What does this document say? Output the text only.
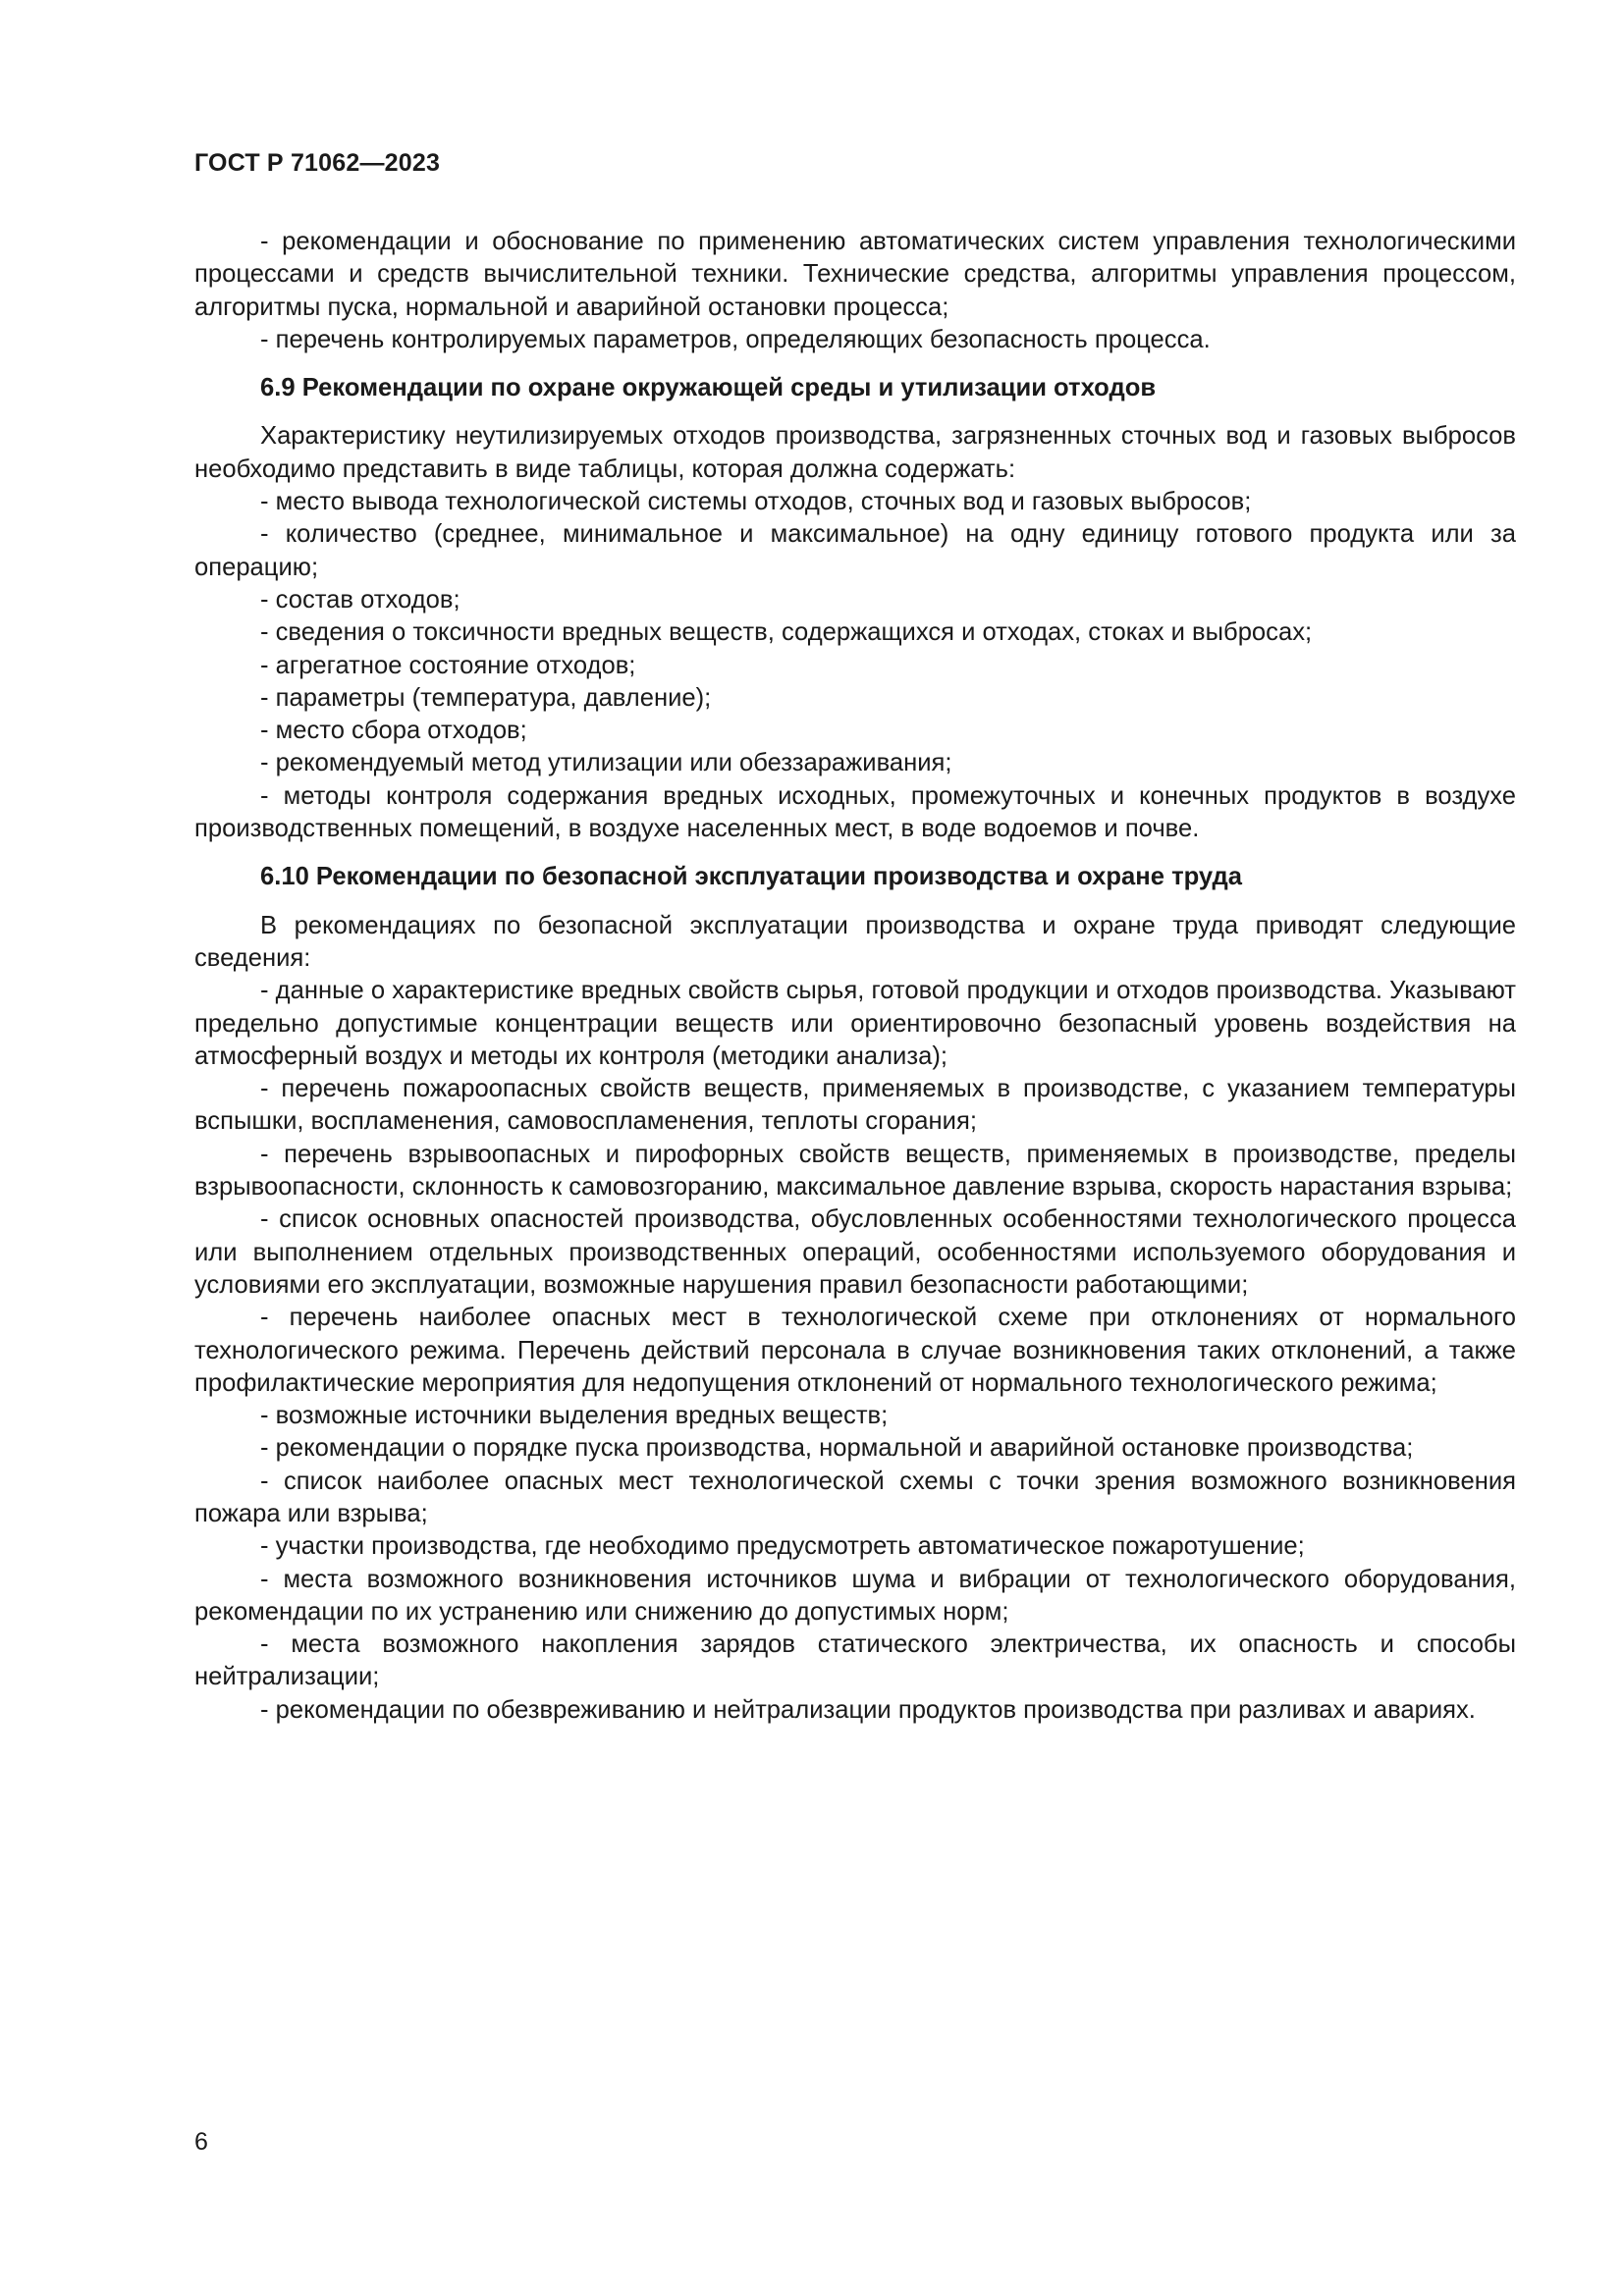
ГОСТ Р 71062—2023

- рекомендации и обоснование по применению автоматических систем управления технологическими процессами и средств вычислительной техники. Технические средства, алгоритмы управления процессом, алгоритмы пуска, нормальной и аварийной остановки процесса;

- перечень контролируемых параметров, определяющих безопасность процесса.

6.9 Рекомендации по охране окружающей среды и утилизации отходов

Характеристику неутилизируемых отходов производства, загрязненных сточных вод и газовых выбросов необходимо представить в виде таблицы, которая должна содержать:

- место вывода технологической системы отходов, сточных вод и газовых выбросов;

- количество (среднее, минимальное и максимальное) на одну единицу готового продукта или за операцию;

- состав отходов;

- сведения о токсичности вредных веществ, содержащихся и отходах, стоках и выбросах;

- агрегатное состояние отходов;

- параметры (температура, давление);

- место сбора отходов;

- рекомендуемый метод утилизации или обеззараживания;

- методы контроля содержания вредных исходных, промежуточных и конечных продуктов в воздухе производственных помещений, в воздухе населенных мест, в воде водоемов и почве.

6.10 Рекомендации по безопасной эксплуатации производства и охране труда

В рекомендациях по безопасной эксплуатации производства и охране труда приводят следующие сведения:

- данные о характеристике вредных свойств сырья, готовой продукции и отходов производства. Указывают предельно допустимые концентрации веществ или ориентировочно безопасный уровень воздействия на атмосферный воздух и методы их контроля (методики анализа);

- перечень пожароопасных свойств веществ, применяемых в производстве, с указанием температуры вспышки, воспламенения, самовоспламенения, теплоты сгорания;

- перечень взрывоопасных и пирофорных свойств веществ, применяемых в производстве, пределы взрывоопасности, склонность к самовозгоранию, максимальное давление взрыва, скорость нарастания взрыва;

- список основных опасностей производства, обусловленных особенностями технологического процесса или выполнением отдельных производственных операций, особенностями используемого оборудования и условиями его эксплуатации, возможные нарушения правил безопасности работающими;

- перечень наиболее опасных мест в технологической схеме при отклонениях от нормального технологического режима. Перечень действий персонала в случае возникновения таких отклонений, а также профилактические мероприятия для недопущения отклонений от нормального технологического режима;

- возможные источники выделения вредных веществ;

- рекомендации о порядке пуска производства, нормальной и аварийной остановке производства;

- список наиболее опасных мест технологической схемы с точки зрения возможного возникновения пожара или взрыва;

- участки производства, где необходимо предусмотреть автоматическое пожаротушение;

- места возможного возникновения источников шума и вибрации от технологического оборудования, рекомендации по их устранению или снижению до допустимых норм;

- места возможного накопления зарядов статического электричества, их опасность и способы нейтрализации;

- рекомендации по обезвреживанию и нейтрализации продуктов производства при разливах и авариях.

6
